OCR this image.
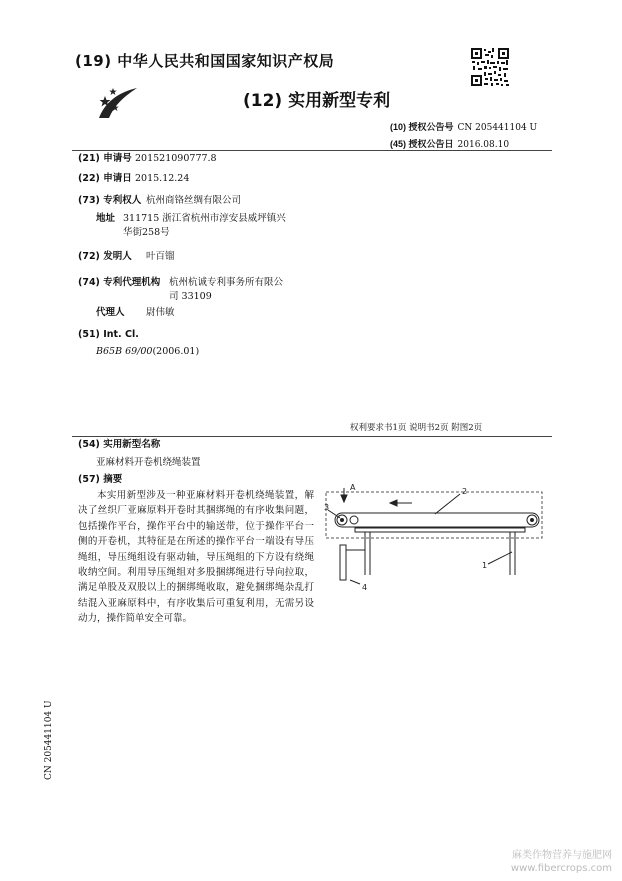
(19) 中华人民共和国国家知识产权局
(12) 实用新型专利
(10) 授权公告号 CN 205441104 U
(45) 授权公告日 2016.08.10
(21) 申请号 201521090777.8
(22) 申请日 2015.12.24
(73) 专利权人 杭州商铬丝绸有限公司
地址 311715 浙江省杭州市淳安县威坪镇兴
华街258号
(72) 发明人 叶百镏
(74) 专利代理机构 杭州杭诚专利事务所有限公
司 33109
代理人 尉伟敏
(51) Int. Cl.
B65B 69/00(2006.01)
权利要求书1页 说明书2页 附图2页
(54) 实用新型名称
亚麻材料开卷机绕绳装置
(57) 摘要
本实用新型涉及一种亚麻材料开卷机绕绳装置，解决了丝织厂亚麻原料开卷时其捆绑绳的有序收集问题，包括操作平台，操作平台中的输送带，位于操作平台一侧的开卷机，其特征是在所述的操作平台一端设有导压绳组，导压绳组设有驱动轴，导压绳组的下方设有绕绳收纳空间。利用导压绳组对多股捆绑绳进行导向拉取，满足单股及双股以上的捆绑绳收取，避免捆绑绳杂乱打结混入亚麻原料中，有序收集后可重复利用，无需另设动力，操作简单安全可靠。
A	2
3
1
4
CN 205441104 U
麻类作物营养与施肥网
www.fibercrops.com
